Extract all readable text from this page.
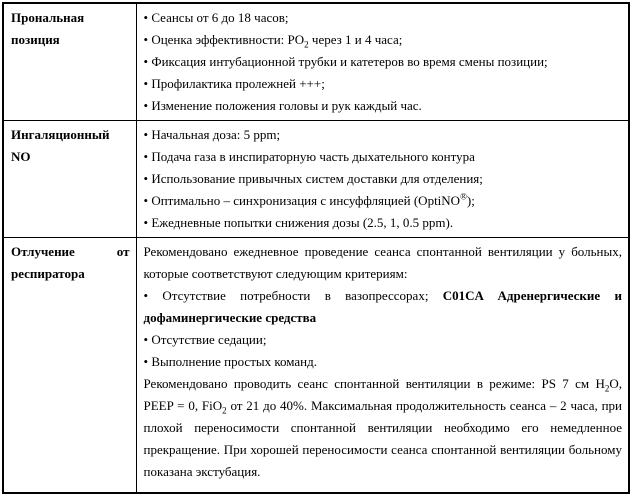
Прональная позиция	• Сеансы от 6 до 18 часов;
• Оценка эффективности: $PO_2$ через 1 и 4 часа;
• Фиксация интубационной трубки и катетеров во время смены позиции;
• Профилактика пролежней +++;
• Изменение положения головы и рук каждый час.

Ингаляционный NO	• Начальная доза: 5 ppm;
• Подача газа в инспираторную часть дыхательного контура
• Использование привычных систем доставки для отделения;
• Оптимально – синхронизация с инсуффляцией (OptiNO®);
• Ежедневные попытки снижения дозы (2.5, 1, 0.5 ppm).

Отлучение от респиратора	Рекомендовано ежедневное проведение сеанса спонтанной вентиляции у больных, которые соответствуют следующим критериям:
• Отсутствие потребности в вазопрессорах; C01CA Адренергические и дофаминергические средства
• Отсутствие седации;
• Выполнение простых команд.
Рекомендовано проводить сеанс спонтанной вентиляции в режиме: PS 7 см $H_2O$, PEEP = 0, FiO$_2$ от 21 до 40%. Максимальная продолжительность сеанса – 2 часа, при плохой переносимости спонтанной вентиляции необходимо его немедленное прекращение. При хорошей переносимости сеанса спонтанной вентиляции больному показана экстубация.
